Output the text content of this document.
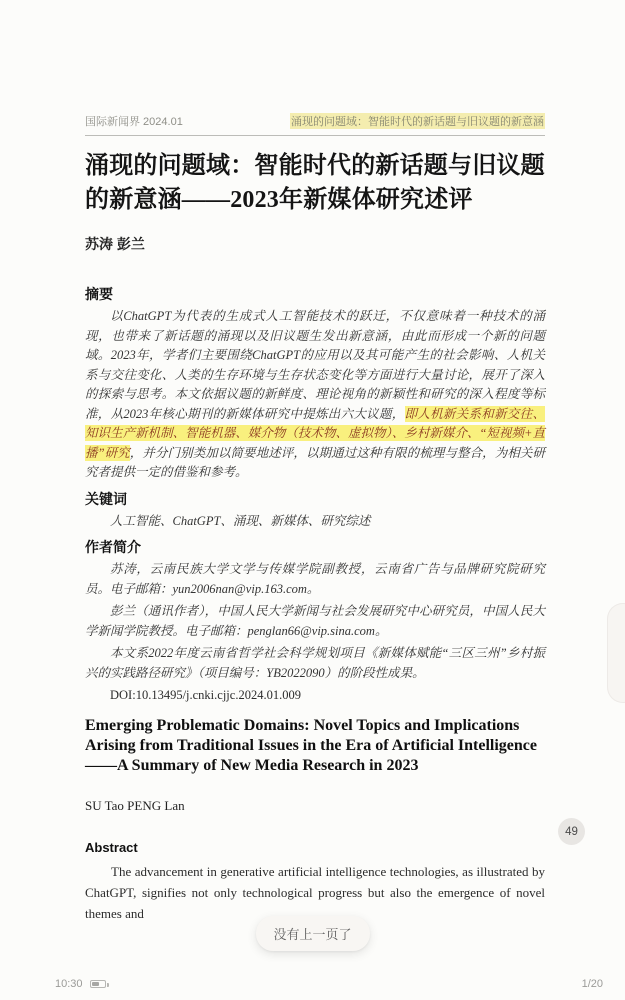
国际新闻界 2024.01	涌现的问题域：智能时代的新话题与旧议题的新意涵
涌现的问题域：智能时代的新话题与旧议题的新意涵——2023年新媒体研究述评
苏涛 彭兰
摘要

以ChatGPT为代表的生成式人工智能技术的跃迁，不仅意味着一种技术的涌现，也带来了新话题的涌现以及旧议题生发出新意涵，由此而形成一个新的问题域。2023年，学者们主要围绕ChatGPT的应用以及其可能产生的社会影响、人机关系与交往变化、人类的生存环境与生存状态变化等方面进行大量讨论，展开了深入的探索与思考。本文依据议题的新鲜度、理论视角的新颖性和研究的深入程度等标准，从2023年核心期刊的新媒体研究中提炼出六大议题，即人机新关系和新交往、知识生产新机制、智能机器、媒介物（技术物、虚拟物）、乡村新媒介、“短视频+直播”研究，并分门别类加以简要地述评，以期通过这种有限的梳理与整合，为相关研究者提供一定的借鉴和参考。

关键词

人工智能、ChatGPT、涌现、新媒体、研究综述

作者简介

苏涛，云南民族大学文学与传媒学院副教授，云南省广告与品牌研究院研究员。电子邮箱：yun2006nan@vip.163.com。

彭兰（通讯作者），中国人民大学新闻与社会发展研究中心研究员，中国人民大学新闻学院教授。电子邮箱：penglan66@vip.sina.com。

本文系2022年度云南省哲学社会科学规划项目《新媒体赋能“三区三州”乡村振兴的实践路径研究》（项目编号：YB2022090）的阶段性成果。

DOI:10.13495/j.cnki.cjjc.2024.01.009

Emerging Problematic Domains: Novel Topics and Implications Arising from Traditional Issues in the Era of Artificial Intelligence——A Summary of New Media Research in 2023
SU Tao PENG Lan
Abstract

The advancement in generative artificial intelligence technologies, as illustrated by ChatGPT, signifies not only technological progress but also the emergence of novel themes and

49
没有上一页了
10:30	1/20
